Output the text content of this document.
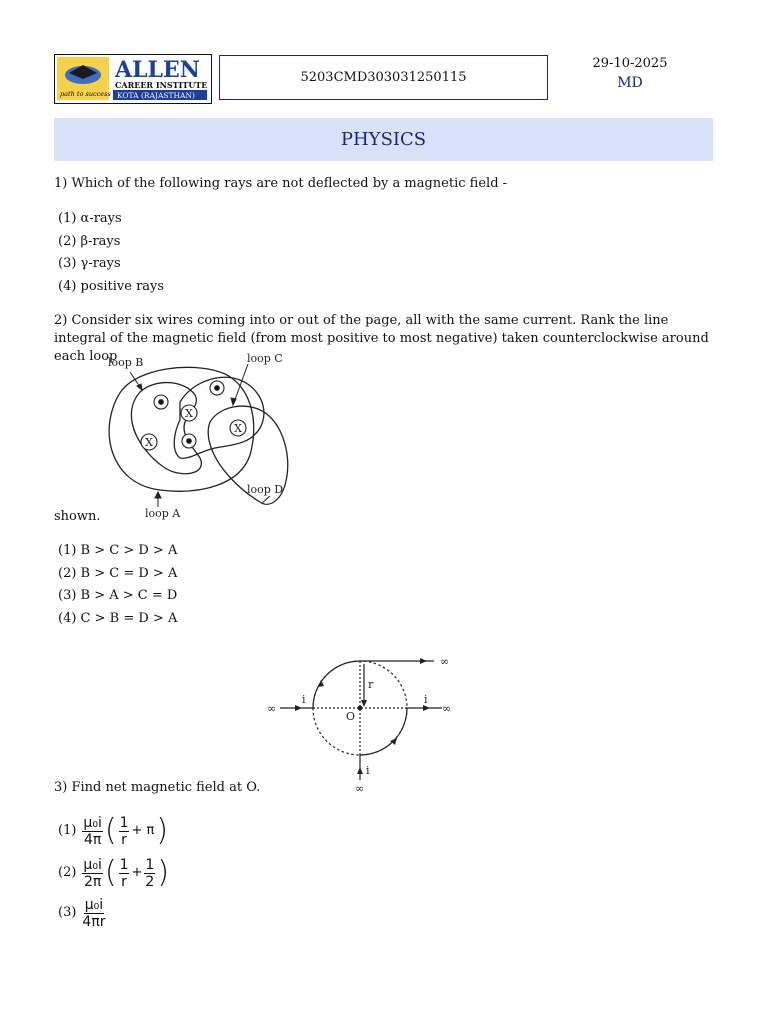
path to success
ALLEN
CAREER INSTITUTE
KOTA (RAJASTHAN)
5203CMD303031250115
29-10-2025
MD
PHYSICS
1) Which of the following rays are not deflected by a magnetic field -
(1) α-rays
(2) β-rays
(3) γ-rays
(4) positive rays
2) Consider six wires coming into or out of the page, all with the same current. Rank the line integral of the magnetic field (from most positive to most negative) taken counterclockwise around each loop
X
X
X
loop B	loop C
loop D
loop A
shown.
(1) B > C > D > A
(2) B > C = D > A
(3) B > A > C = D
(4) C > B = D > A
∞
∞	∞
∞
i	i
i
r
O
3) Find net magnetic field at O.
$(1) \frac{\text{μ₀i}}{4\pi}$ ( $\frac{1}{r} + \pi$ )
$(2) \frac{\text{μ₀i}}{2\pi}$ ( $\frac{1}{r} + \frac{1}{2}$ )
$(3) \frac{\text{μ₀i}}{4\pi r}$
